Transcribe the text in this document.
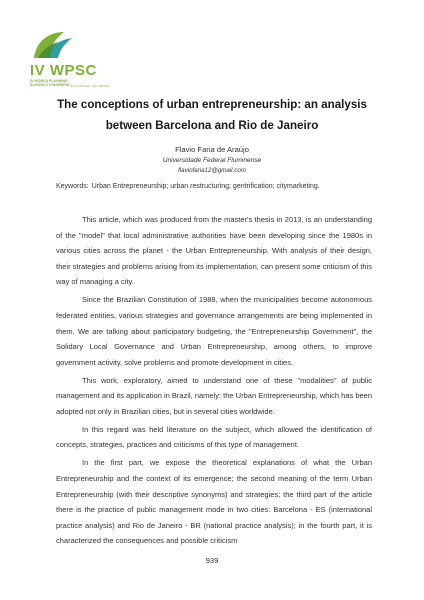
IV WPSC
IV WORLD PLANNING SCHOOLS CONGRESS JULY 4-8 2016 · RIO, BRAZIL
The conceptions of urban entrepreneurship: an analysis between Barcelona and Rio de Janeiro
Flavio Faria de Araújo
Universidade Federal Fluminense
flaviofaria12@gmail.com
Keywords: Urban Entrepreneurship; urban restructuring; gentrification; citymarketing.

This article, which was produced from the master's thesis in 2013, is an understanding of the "model" that local administrative authorities have been developing since the 1980s in various cities across the planet - the Urban Entrepreneurship. With analysis of their design, their strategies and problems arising from its implementation, can present some criticism of this way of managing a city.

Since the Brazilian Constitution of 1988, when the municipalities become autonomous federated entities, various strategies and governance arrangements are being implemented in them. We are talking about participatory budgeting, the "Entrepreneurship Government", the Solidary Local Governance and Urban Entrepreneurship, among others, to improve government activity, solve problems and promote development in cities.

This work, exploratory, aimed to understand one of these "modalities" of public management and its application in Brazil, namely: the Urban Entrepreneurship, which has been adopted not only in Brazilian cities, but in several cities worldwide.

In this regard was held literature on the subject, which allowed the identification of concepts, strategies, practices and criticisms of this type of management.

In the first part, we expose the theoretical explanations of what the Urban Entrepreneurship and the context of its emergence; the second meaning of the term Urban Entrepreneurship (with their descriptive synonyms) and strategies; the third part of the article there is the practice of public management mode in two cities: Barcelona - ES (international practice analysis) and Rio de Janeiro - BR (national practice analysis); in the fourth part, it is characterized the consequences and possible criticism

939
